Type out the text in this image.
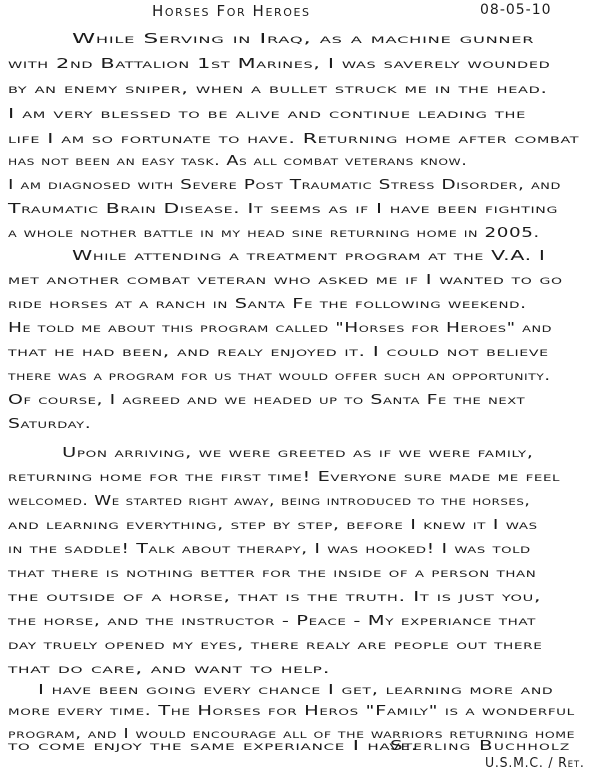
Horses For Heroes	08-05-10
While Serving in Iraq, as a machine gunner
with 2nd Battalion 1st Marines, I was saverely wounded
by an enemy sniper, when a bullet struck me in the head.
I am very blessed to be alive and continue leading the
life I am so fortunate to have. Returning home after combat
has not been an easy task. As all combat veterans know.
I am diagnosed with Severe Post Traumatic Stress Disorder, and
Traumatic Brain Disease. It seems as if I have been fighting
a whole nother battle in my head sine returning home in 2005.
While attending a treatment program at the V.A. I
met another combat veteran who asked me if I wanted to go
ride horses at a ranch in Santa Fe the following weekend.
He told me about this program called "Horses for Heroes" and
that he had been, and realy enjoyed it. I could not believe
there was a program for us that would offer such an opportunity.
Of course, I agreed and we headed up to Santa Fe the next
Saturday.
Upon arriving, we were greeted as if we were family,
returning home for the first time! Everyone sure made me feel
welcomed. We started right away, being introduced to the horses,
and learning everything, step by step, before I knew it I was
in the saddle! Talk about therapy, I was hooked! I was told
that there is nothing better for the inside of a person than
the outside of a horse, that is the truth. It is just you,
the horse, and the instructor - Peace - My experiance that
day truely opened my eyes, there realy are people out there
that do care, and want to help.
I have been going every chance I get, learning more and
more every time. The Horses for Heros "Family" is a wonderful
program, and I would encourage all of the warriors returning home
to come enjoy the same experiance I have.
Sterling Buchholz
U.S.M.C. / Ret.
